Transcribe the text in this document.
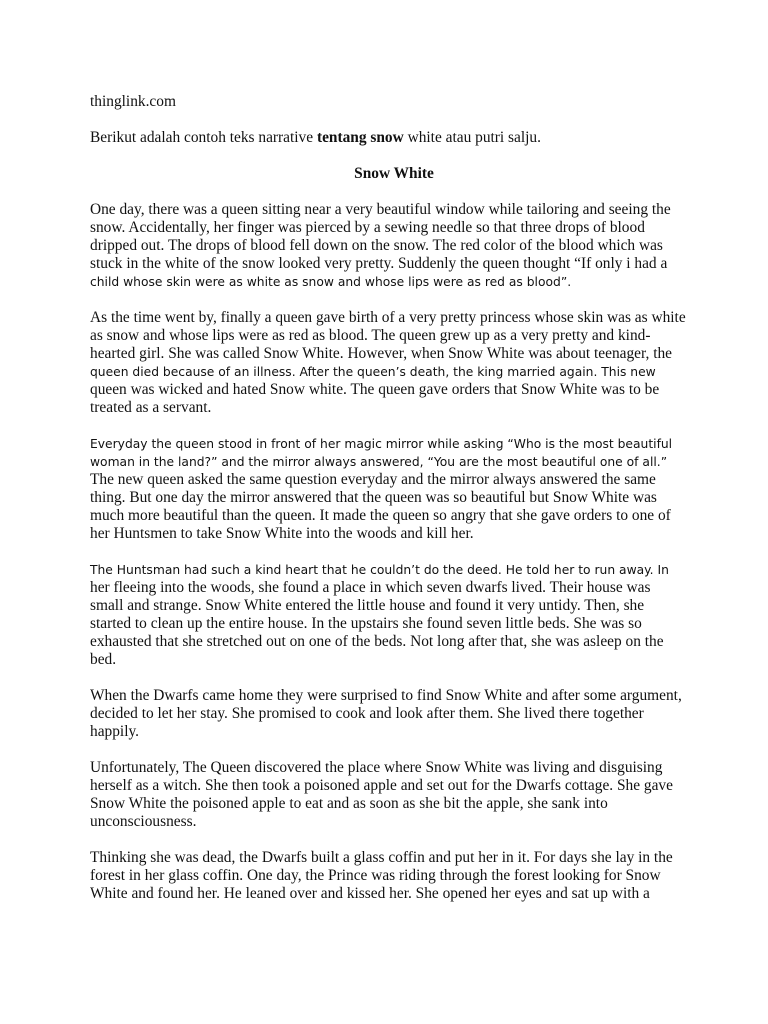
thinglink.com

Berikut adalah contoh teks narrative tentang snow white atau putri salju.

Snow White

One day, there was a queen sitting near a very beautiful window while tailoring and seeing the
snow. Accidentally, her finger was pierced by a sewing needle so that three drops of blood
dripped out. The drops of blood fell down on the snow. The red color of the blood which was
stuck in the white of the snow looked very pretty. Suddenly the queen thought “If only i had a
child whose skin were as white as snow and whose lips were as red as blood”.
As the time went by, finally a queen gave birth of a very pretty princess whose skin was as white
as snow and whose lips were as red as blood. The queen grew up as a very pretty and kind-
hearted girl. She was called Snow White. However, when Snow White was about teenager, the
queen died because of an illness. After the queen’s death, the king married again. This new
queen was wicked and hated Snow white. The queen gave orders that Snow White was to be
treated as a servant.
Everyday the queen stood in front of her magic mirror while asking “Who is the most beautiful
woman in the land?” and the mirror always answered, “You are the most beautiful one of all.”
The new queen asked the same question everyday and the mirror always answered the same
thing. But one day the mirror answered that the queen was so beautiful but Snow White was
much more beautiful than the queen. It made the queen so angry that she gave orders to one of
her Huntsmen to take Snow White into the woods and kill her.
The Huntsman had such a kind heart that he couldn’t do the deed. He told her to run away. In
her fleeing into the woods, she found a place in which seven dwarfs lived. Their house was
small and strange. Snow White entered the little house and found it very untidy. Then, she
started to clean up the entire house. In the upstairs she found seven little beds. She was so
exhausted that she stretched out on one of the beds. Not long after that, she was asleep on the
bed.
When the Dwarfs came home they were surprised to find Snow White and after some argument,
decided to let her stay. She promised to cook and look after them. She lived there together
happily.
Unfortunately, The Queen discovered the place where Snow White was living and disguising
herself as a witch. She then took a poisoned apple and set out for the Dwarfs cottage. She gave
Snow White the poisoned apple to eat and as soon as she bit the apple, she sank into
unconsciousness.
Thinking she was dead, the Dwarfs built a glass coffin and put her in it. For days she lay in the
forest in her glass coffin. One day, the Prince was riding through the forest looking for Snow
White and found her. He leaned over and kissed her. She opened her eyes and sat up with a
